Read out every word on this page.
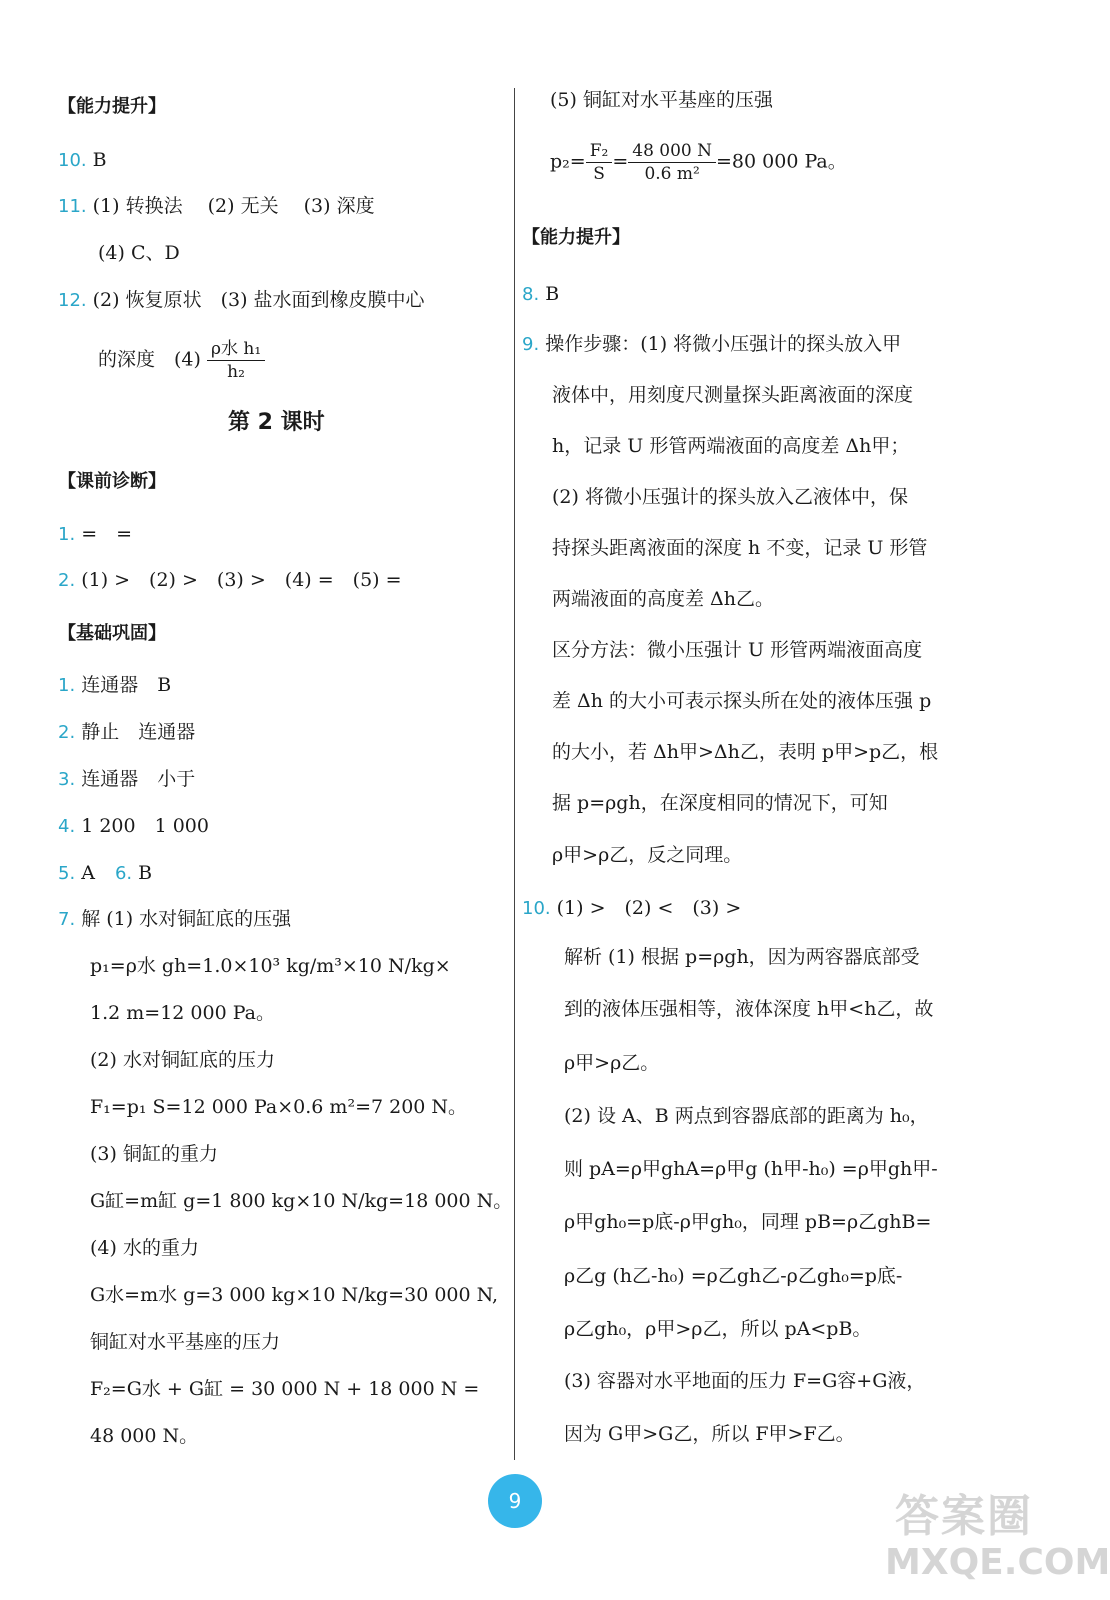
【能力提升】
10. B
11. (1) 转换法　 (2) 无关　 (3) 深度
(4) C、D
12. (2) 恢复原状　(3) 盐水面到橡皮膜中心
的深度　$(4) \frac{\text{ρ水 h₁}}{\text{h₂}}$
第 2 课时
【课前诊断】
1. =　=
2. (1) >　(2) >　(3) >　(4) =　(5) =
【基础巩固】
1. 连通器　B
2. 静止　连通器
3. 连通器　小于
4. 1 200　1 000
5. A 6. B
7. 解 (1) 水对铜缸底的压强
p₁=ρ水 gh=1.0×10³ kg/m³×10 N/kg×
1.2 m=12 000 Pa。
(2) 水对铜缸底的压力
F₁=p₁ S=12 000 Pa×0.6 m²=7 200 N。
(3) 铜缸的重力
G缸=m缸 g=1 800 kg×10 N/kg=18 000 N。
(4) 水的重力
G水=m水 g=3 000 kg×10 N/kg=30 000 N,
铜缸对水平基座的压力
F₂=G水 + G缸 = 30 000 N + 18 000 N =
48 000 N。
(5) 铜缸对水平基座的压强
$p_2= \frac{\text{F₂}}{S} = \frac{48 000 N}{\text{0.6 m²}} =80$ 000 Pa。
【能力提升】
8. B
9. 操作步骤：(1) 将微小压强计的探头放入甲
液体中，用刻度尺测量探头距离液面的深度
h，记录 U 形管两端液面的高度差 Δh甲；
(2) 将微小压强计的探头放入乙液体中，保
持探头距离液面的深度 h 不变，记录 U 形管
两端液面的高度差 Δh乙。
区分方法：微小压强计 U 形管两端液面高度
差 Δh 的大小可表示探头所在处的液体压强 p
的大小，若 Δh甲>Δh乙，表明 p甲>p乙，根
据 p=ρgh，在深度相同的情况下，可知
ρ甲>ρ乙，反之同理。
10. (1) >　(2) <　(3) >
解析 (1) 根据 p=ρgh，因为两容器底部受
到的液体压强相等，液体深度 h甲<h乙，故
ρ甲>ρ乙。
(2) 设 A、B 两点到容器底部的距离为 h₀，
则 pA=ρ甲ghA=ρ甲g (h甲-h₀) =ρ甲gh甲-
ρ甲gh₀=p底-ρ甲gh₀，同理 pB=ρ乙ghB=
ρ乙g (h乙-h₀) =ρ乙gh乙-ρ乙gh₀=p底-
ρ乙gh₀，ρ甲>ρ乙，所以 pA<pB。
(3) 容器对水平地面的压力 F=G容+G液，
因为 G甲>G乙，所以 F甲>F乙。
9	答案圈
MXQE.COM
